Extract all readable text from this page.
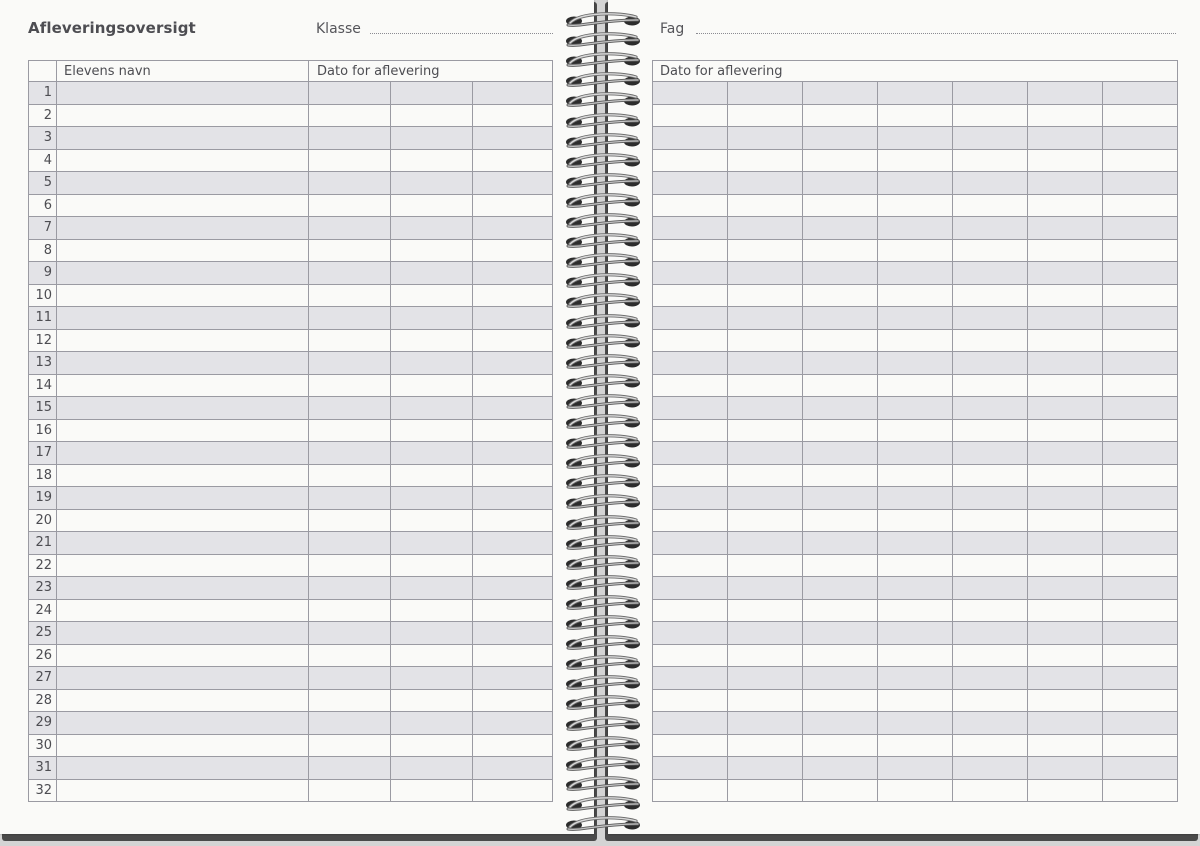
Afleveringsoversigt	Klasse
Elevens navn	Dato for aflevering
1
2
3
4
5
6
7
8
9
10
11
12
13
14
15
16
17
18
19
20
21
22
23
24
25
26
27
28
29
30
31
32
Fag
Dato for aflevering
